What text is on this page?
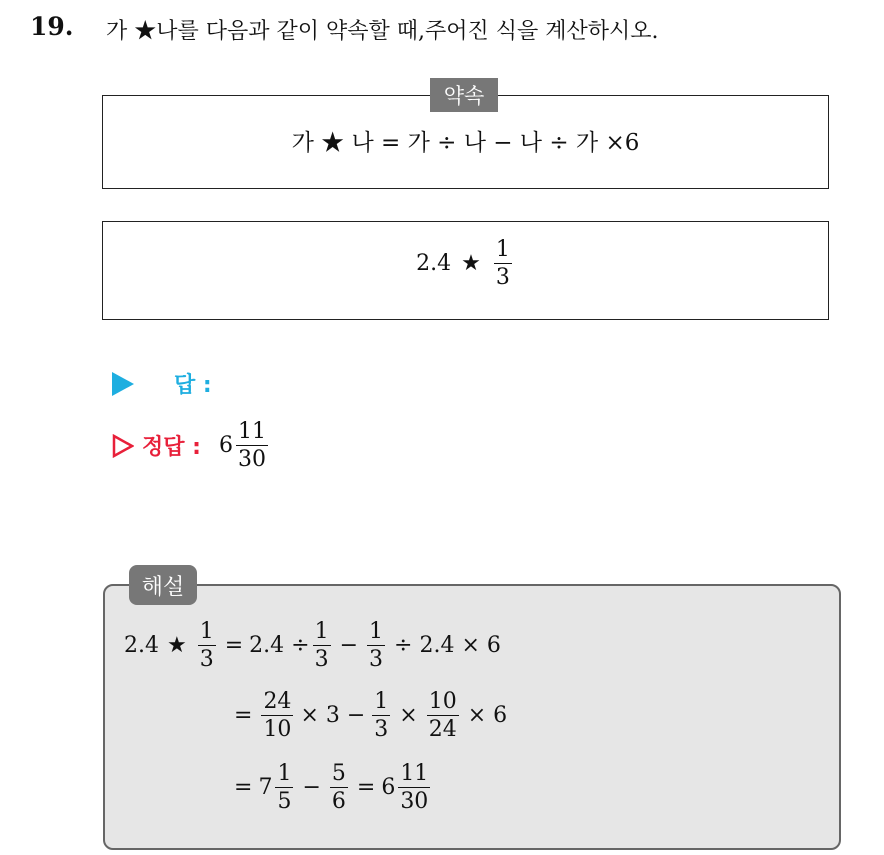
19. 가 ★나를 다음과 같이 약속할 때,주어진 식을 계산하시오.
가 ★ 나 = 가 ÷ 나 − 나 ÷ 가 ×6
약속
2.4 ★ $\frac{1}{3}$
답 :
정답 : $6 \frac{11}{30}$
해설
2.4 ★ $\frac{1}{3} = 2.4 \div \frac{1}{3} - \frac{1}{3} \div 2.4 \times 6$
= $\frac{24}{10} \times 3 - \frac{1}{3} \times \frac{10}{24} \times 6$
= $7 \frac{1}{5} - \frac{5}{6} = 6 \frac{11}{30}$
